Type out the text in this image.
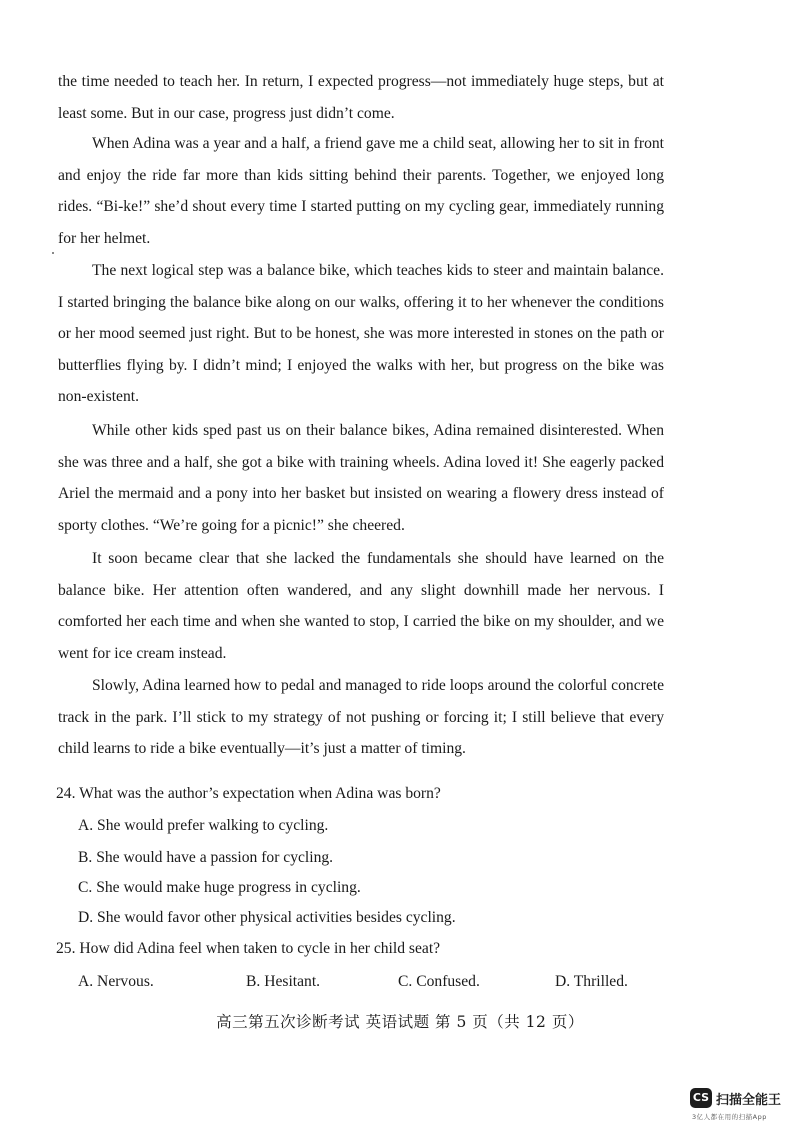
the time needed to teach her. In return, I expected progress—not immediately huge steps, but at least some. But in our case, progress just didn’t come.

When Adina was a year and a half, a friend gave me a child seat, allowing her to sit in front and enjoy the ride far more than kids sitting behind their parents. Together, we enjoyed long rides. “Bi-ke!” she’d shout every time I started putting on my cycling gear, immediately running for her helmet.

The next logical step was a balance bike, which teaches kids to steer and maintain balance. I started bringing the balance bike along on our walks, offering it to her whenever the conditions or her mood seemed just right. But to be honest, she was more interested in stones on the path or butterflies flying by. I didn’t mind; I enjoyed the walks with her, but progress on the bike was non-existent.

While other kids sped past us on their balance bikes, Adina remained disinterested. When she was three and a half, she got a bike with training wheels. Adina loved it! She eagerly packed Ariel the mermaid and a pony into her basket but insisted on wearing a flowery dress instead of sporty clothes. “We’re going for a picnic!” she cheered.

It soon became clear that she lacked the fundamentals she should have learned on the balance bike. Her attention often wandered, and any slight downhill made her nervous. I comforted her each time and when she wanted to stop, I carried the bike on my shoulder, and we went for ice cream instead.

Slowly, Adina learned how to pedal and managed to ride loops around the colorful concrete track in the park. I’ll stick to my strategy of not pushing or forcing it; I still believe that every child learns to ride a bike eventually—it’s just a matter of timing.

24. What was the author’s expectation when Adina was born?

A. She would prefer walking to cycling.

B. She would have a passion for cycling.

C. She would make huge progress in cycling.

D. She would favor other physical activities besides cycling.

25. How did Adina feel when taken to cycle in her child seat?

A. Nervous.	B. Hesitant.	C. Confused.	D. Thrilled.
高三第五次诊断考试 英语试题 第 5 页（共 12 页）
CS 扫描全能王
3亿人都在用的扫描App
